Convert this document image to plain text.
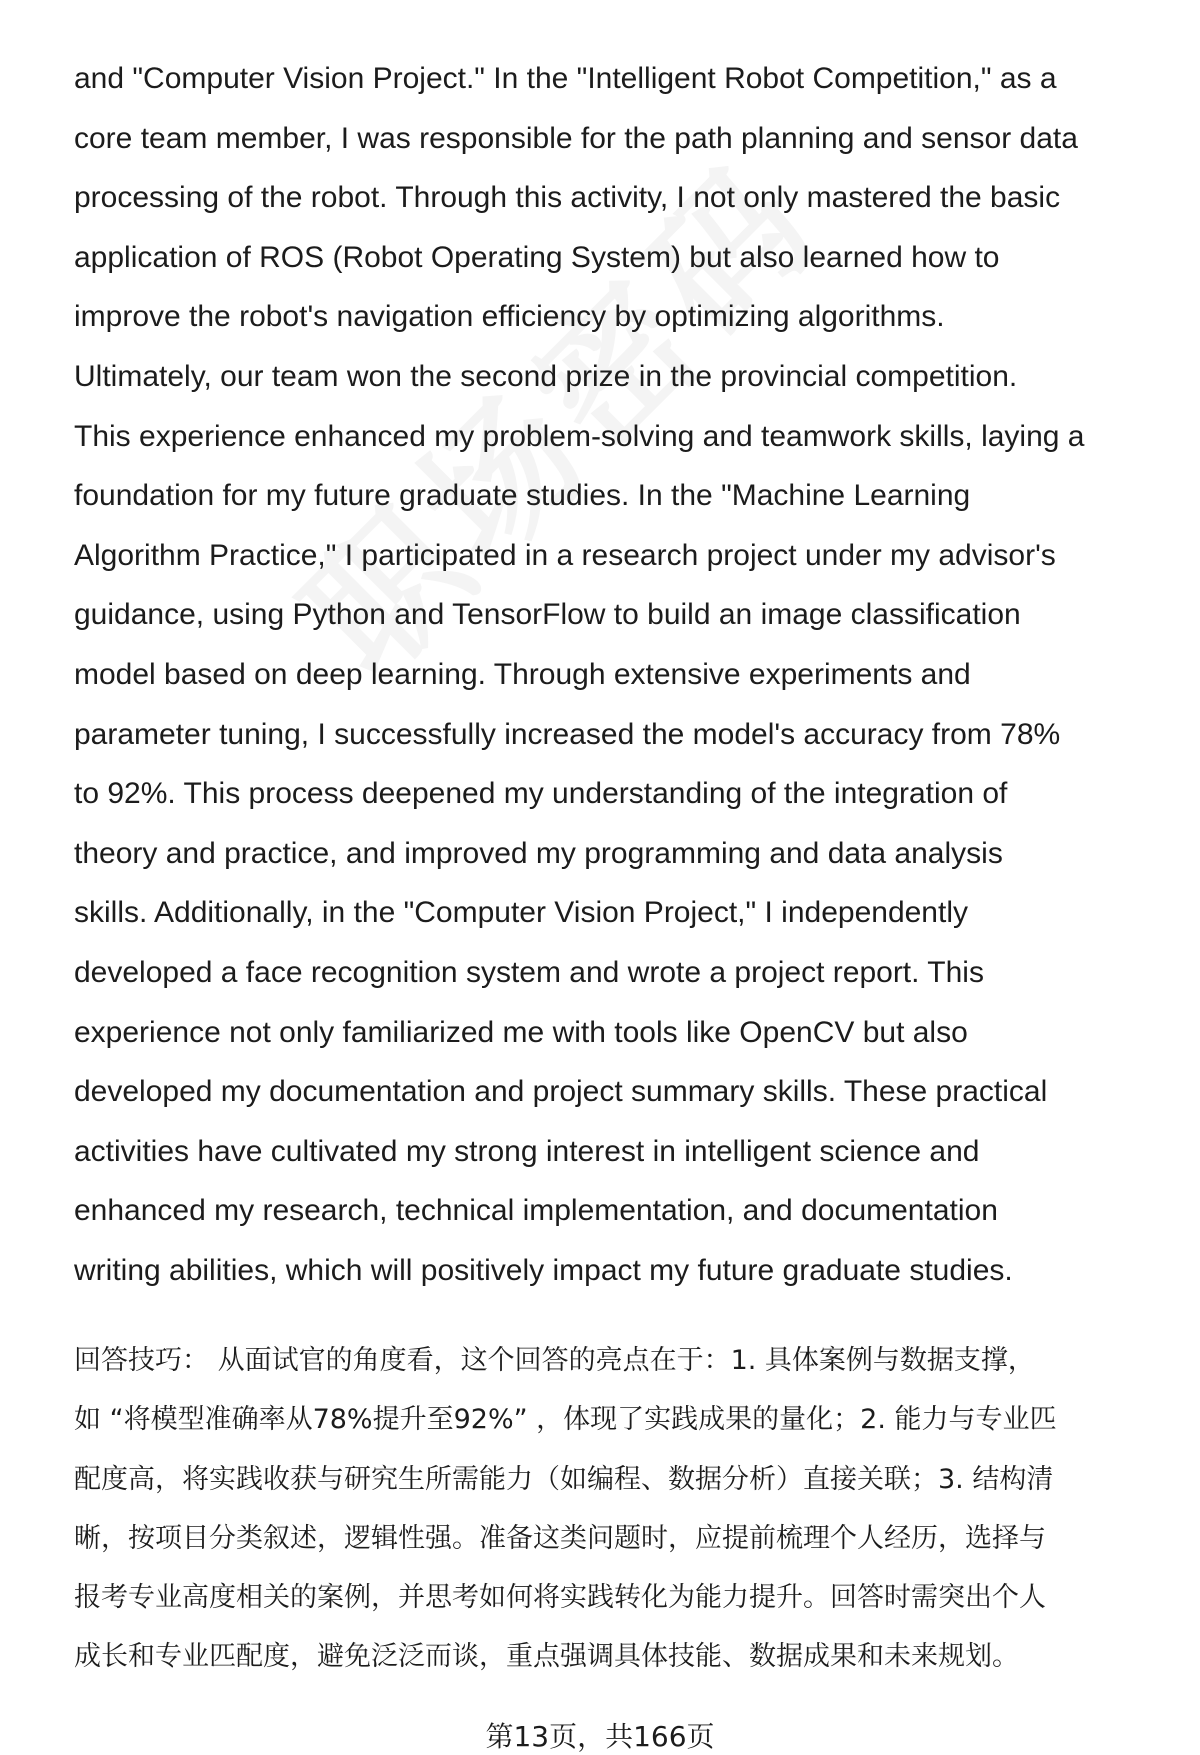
and "Computer Vision Project." In the "Intelligent Robot Competition," as a
core team member, I was responsible for the path planning and sensor data
processing of the robot. Through this activity, I not only mastered the basic
application of ROS (Robot Operating System) but also learned how to
improve the robot's navigation efficiency by optimizing algorithms.
Ultimately, our team won the second prize in the provincial competition.
This experience enhanced my problem-solving and teamwork skills, laying a
foundation for my future graduate studies. In the "Machine Learning
Algorithm Practice," I participated in a research project under my advisor's
guidance, using Python and TensorFlow to build an image classification
model based on deep learning. Through extensive experiments and
parameter tuning, I successfully increased the model's accuracy from 78%
to 92%. This process deepened my understanding of the integration of
theory and practice, and improved my programming and data analysis
skills. Additionally, in the "Computer Vision Project," I independently
developed a face recognition system and wrote a project report. This
experience not only familiarized me with tools like OpenCV but also
developed my documentation and project summary skills. These practical
activities have cultivated my strong interest in intelligent science and
enhanced my research, technical implementation, and documentation
writing abilities, which will positively impact my future graduate studies.
回答技巧： 从面试官的角度看，这个回答的亮点在于：1. 具体案例与数据支撑，
如 “将模型准确率从78%提升至92%” ，体现了实践成果的量化；2. 能力与专业匹
配度高，将实践收获与研究生所需能力（如编程、数据分析）直接关联；3. 结构清
晰，按项目分类叙述，逻辑性强。准备这类问题时，应提前梳理个人经历，选择与
报考专业高度相关的案例，并思考如何将实践转化为能力提升。回答时需突出个人
成长和专业匹配度，避免泛泛而谈，重点强调具体技能、数据成果和未来规划。
第13页，共166页
